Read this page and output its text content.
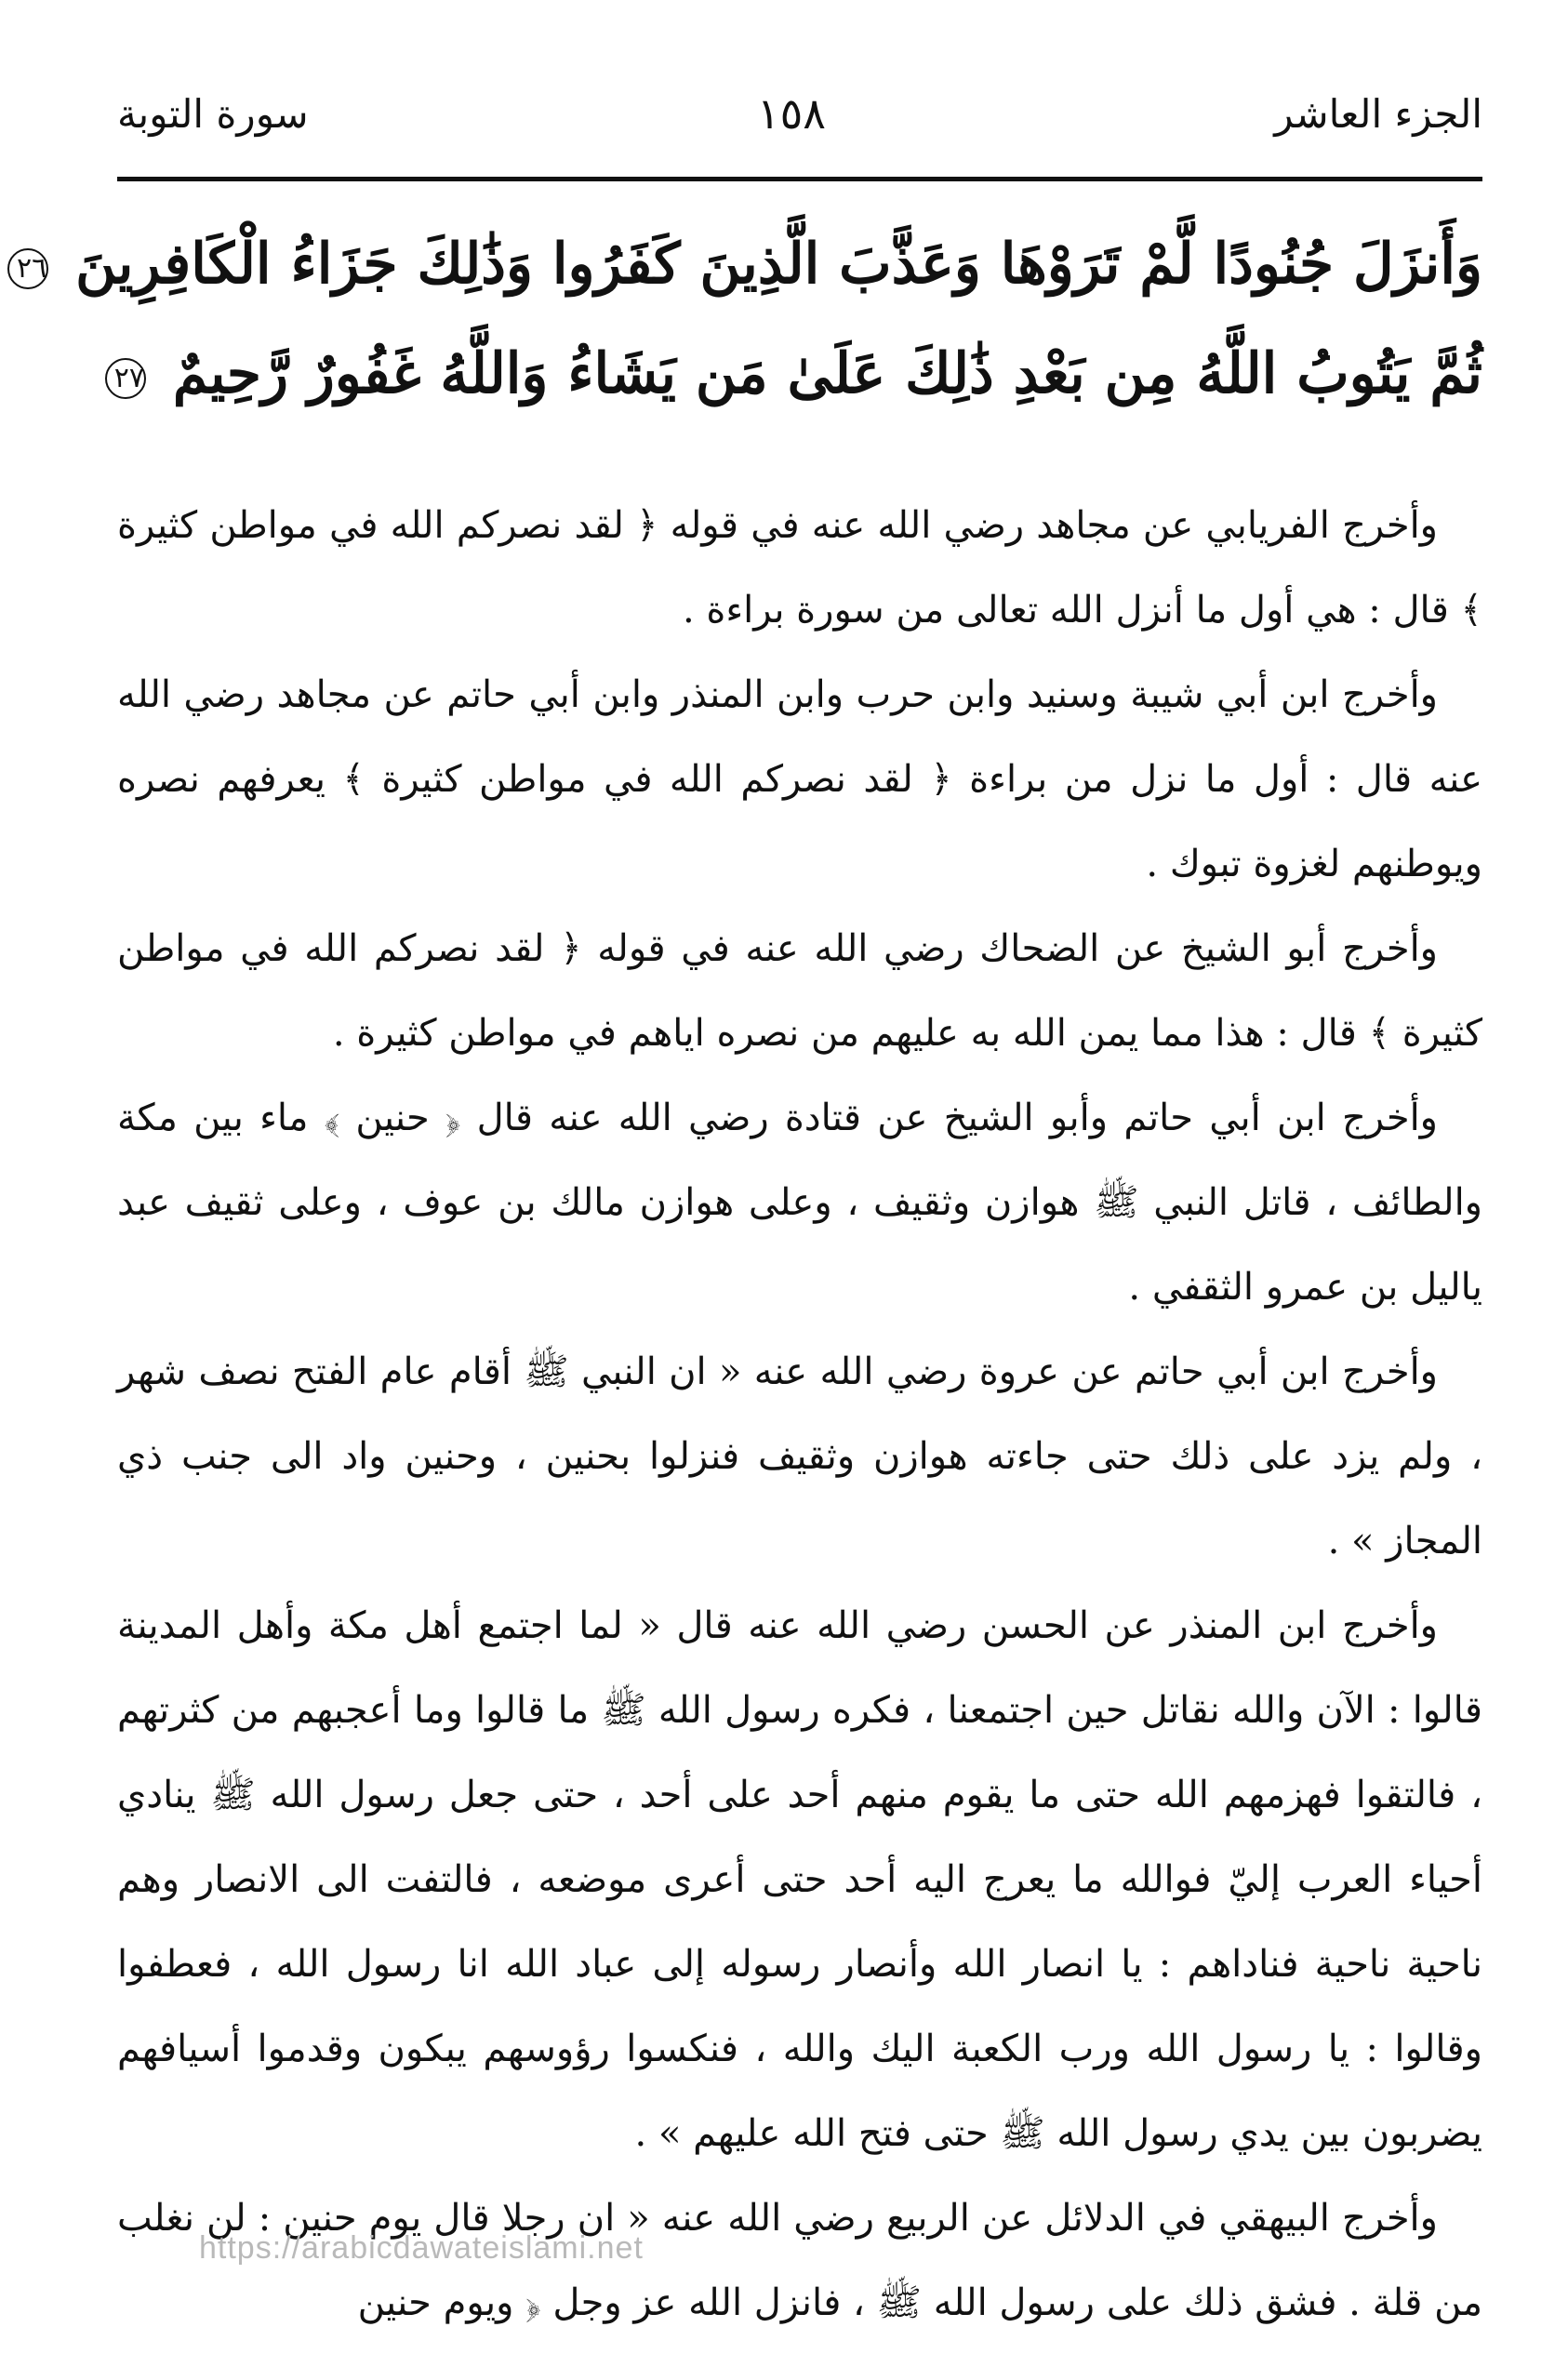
الجزء العاشر
١٥٨
سورة التوبة
وَأَنزَلَ جُنُودًا لَّمْ تَرَوْهَا وَعَذَّبَ الَّذِينَ كَفَرُوا وَذَٰلِكَ جَزَاءُ الْكَافِرِينَ ٢٦
ثُمَّ يَتُوبُ اللَّهُ مِن بَعْدِ ذَٰلِكَ عَلَىٰ مَن يَشَاءُ وَاللَّهُ غَفُورٌ رَّحِيمٌ ٢٧

وأخرج الفريابي عن مجاهد رضي الله عنه في قوله ﴿ لقد نصركم الله في مواطن كثيرة ﴾ قال : هي أول ما أنزل الله تعالى من سورة براءة .

وأخرج ابن أبي شيبة وسنيد وابن حرب وابن المنذر وابن أبي حاتم عن مجاهد رضي الله عنه قال : أول ما نزل من براءة ﴿ لقد نصركم الله في مواطن كثيرة ﴾ يعرفهم نصره ويوطنهم لغزوة تبوك .

وأخرج أبو الشيخ عن الضحاك رضي الله عنه في قوله ﴿ لقد نصركم الله في مواطن كثيرة ﴾ قال : هذا مما يمن الله به عليهم من نصره اياهم في مواطن كثيرة .

وأخرج ابن أبي حاتم وأبو الشيخ عن قتادة رضي الله عنه قال ﴿ حنين ﴾ ماء بين مكة والطائف ، قاتل النبي ﷺ هوازن وثقيف ، وعلى هوازن مالك بن عوف ، وعلى ثقيف عبد ياليل بن عمرو الثقفي .

وأخرج ابن أبي حاتم عن عروة رضي الله عنه « ان النبي ﷺ أقام عام الفتح نصف شهر ، ولم يزد على ذلك حتى جاءته هوازن وثقيف فنزلوا بحنين ، وحنين واد الى جنب ذي المجاز » .

وأخرج ابن المنذر عن الحسن رضي الله عنه قال « لما اجتمع أهل مكة وأهل المدينة قالوا : الآن والله نقاتل حين اجتمعنا ، فكره رسول الله ﷺ ما قالوا وما أعجبهم من كثرتهم ، فالتقوا فهزمهم الله حتى ما يقوم منهم أحد على أحد ، حتى جعل رسول الله ﷺ ينادي أحياء العرب إليّ فوالله ما يعرج اليه أحد حتى أعرى موضعه ، فالتفت الى الانصار وهم ناحية ناحية فناداهم : يا انصار الله وأنصار رسوله إلى عباد الله انا رسول الله ، فعطفوا وقالوا : يا رسول الله ورب الكعبة اليك والله ، فنكسوا رؤوسهم يبكون وقدموا أسيافهم يضربون بين يدي رسول الله ﷺ حتى فتح الله عليهم » .

وأخرج البيهقي في الدلائل عن الربيع رضي الله عنه « ان رجلا قال يوم حنين : لن نغلب من قلة . فشق ذلك على رسول الله ﷺ ، فانزل الله عز وجل ﴿ ويوم حنين

https://arabicdawateislami.net
